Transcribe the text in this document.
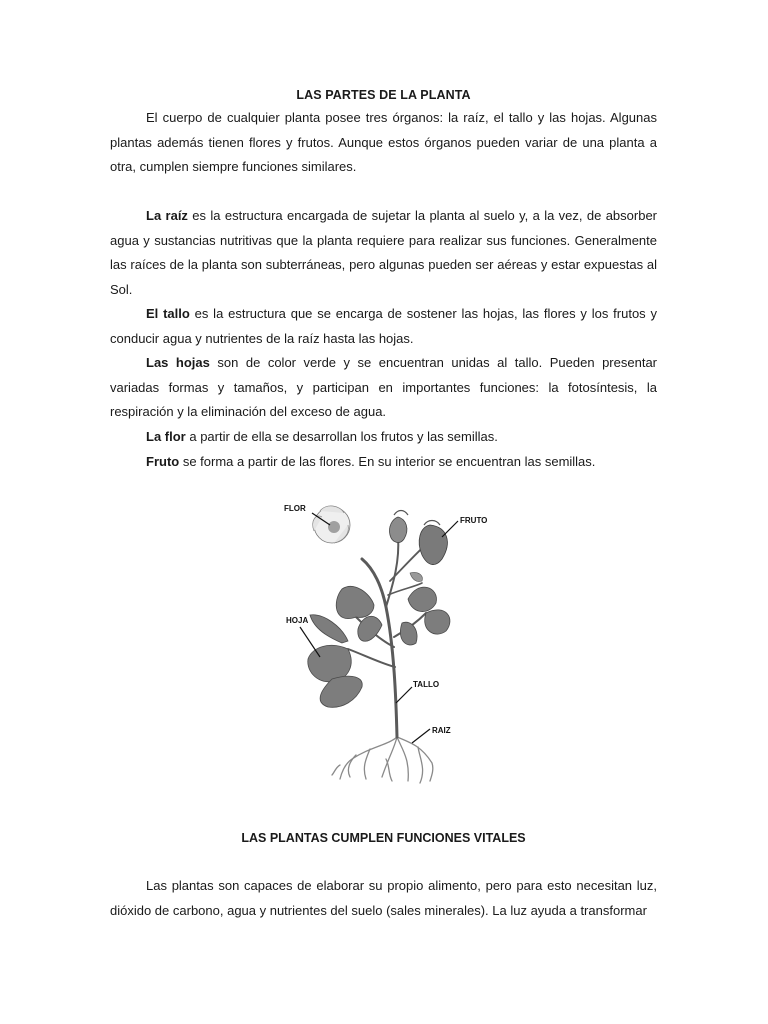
LAS PARTES DE LA PLANTA

El cuerpo de cualquier planta posee tres órganos: la raíz, el tallo y las hojas. Algunas plantas además tienen flores y frutos. Aunque estos órganos pueden variar de una planta a otra, cumplen siempre funciones similares.

La raíz es la estructura encargada de sujetar la planta al suelo y, a la vez, de absorber agua y sustancias nutritivas que la planta requiere para realizar sus funciones. Generalmente las raíces de la planta son subterráneas, pero algunas pueden ser aéreas y estar expuestas al Sol.

El tallo es la estructura que se encarga de sostener las hojas, las flores y los frutos y conducir agua y nutrientes de la raíz hasta las hojas.

Las hojas son de color verde y se encuentran unidas al tallo. Pueden presentar variadas formas y tamaños, y participan en importantes funciones: la fotosíntesis, la respiración y la eliminación del exceso de agua.

La flor a partir de ella se desarrollan los frutos y las semillas.

Fruto se forma a partir de las flores. En su interior se encuentran las semillas.

FLOR
FRUTO
HOJA
TALLO
RAIZ
LAS PLANTAS CUMPLEN FUNCIONES VITALES

Las plantas son capaces de elaborar su propio alimento, pero para esto necesitan luz, dióxido de carbono, agua y nutrientes del suelo (sales minerales). La luz ayuda a transformar
